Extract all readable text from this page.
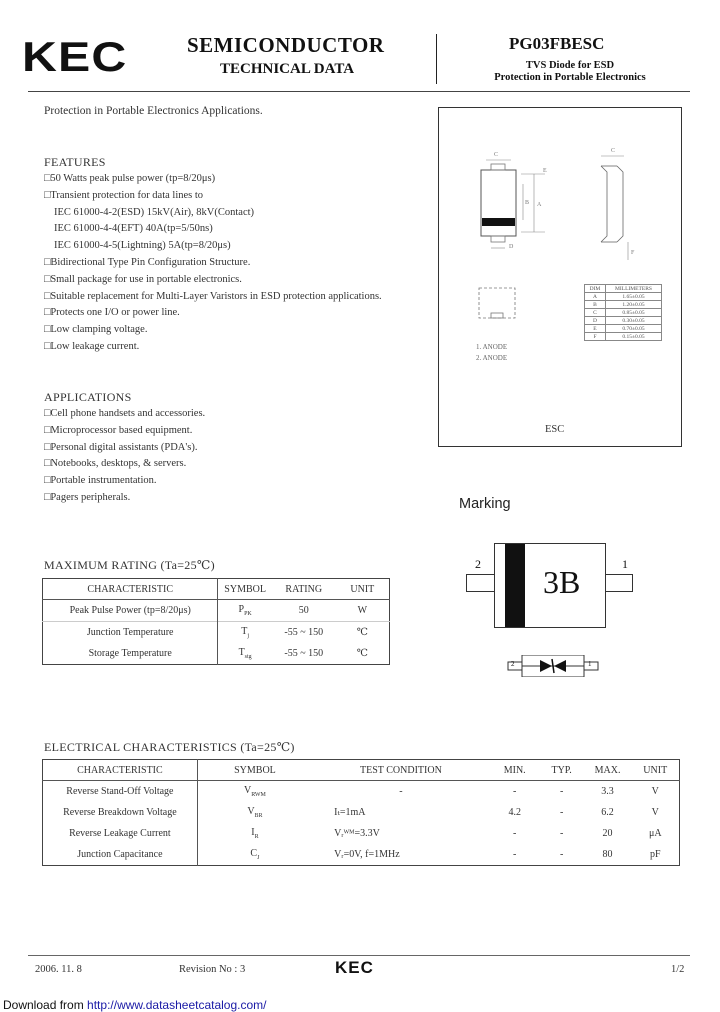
KEC	SEMICONDUCTOR
TECHNICAL DATA
PG03FBESC
TVS Diode for ESD
Protection in Portable Electronics
Protection in Portable Electronics Applications.
FEATURES
□50 Watts peak pulse power (tp=8/20μs)
□Transient protection for data lines to
IEC 61000-4-2(ESD) 15kV(Air), 8kV(Contact)
IEC 61000-4-4(EFT) 40A(tp=5/50ns)
IEC 61000-4-5(Lightning) 5A(tp=8/20μs)
□Bidirectional Type Pin Configuration Structure.
□Small package for use in portable electronics.
□Suitable replacement for Multi-Layer Varistors in ESD protection applications.
□Protects one I/O or power line.
□Low clamping voltage.
□Low leakage current.
APPLICATIONS
□Cell phone handsets and accessories.
□Microprocessor based equipment.
□Personal digital assistants (PDA's).
□Notebooks, desktops, & servers.
□Portable instrumentation.
□Pagers peripherals.
C
E
A
B
D
F
C
DIM	MILLIMETERS
A	1.65±0.05
B	1.20±0.05
C	0.85±0.05
D	0.30±0.05
E	0.70±0.05
F	0.15±0.05
1. ANODE
2. ANODE
ESC
Marking
2	1
3B
2	1
MAXIMUM RATING (Ta=25℃)
CHARACTERISTIC	SYMBOL	RATING	UNIT
Peak Pulse Power (tp=8/20μs)	$P_{PK}$	50	W
Junction Temperature	$T_j$	-55 ~ 150	℃
Storage Temperature	$T_{stg}$	-55 ~ 150	℃
ELECTRICAL CHARACTERISTICS (Ta=25℃)
CHARACTERISTIC	SYMBOL	TEST CONDITION	MIN.	TYP.	MAX.	UNIT
Reverse Stand-Off Voltage	$V_{RWM}$	-	-	-	3.3	V
Reverse Breakdown Voltage	$V_{BR}$	Iₜ=1mA	4.2	-	6.2	V
Reverse Leakage Current	$I_R$	Vᵣᵂᴹ=3.3V	-	-	20	μA
Junction Capacitance	$C_J$	Vᵣ=0V, f=1MHz	-	-	80	pF
2006. 11. 8	Revision No : 3	KEC	1/2
Download from http://www.datasheetcatalog.com/
